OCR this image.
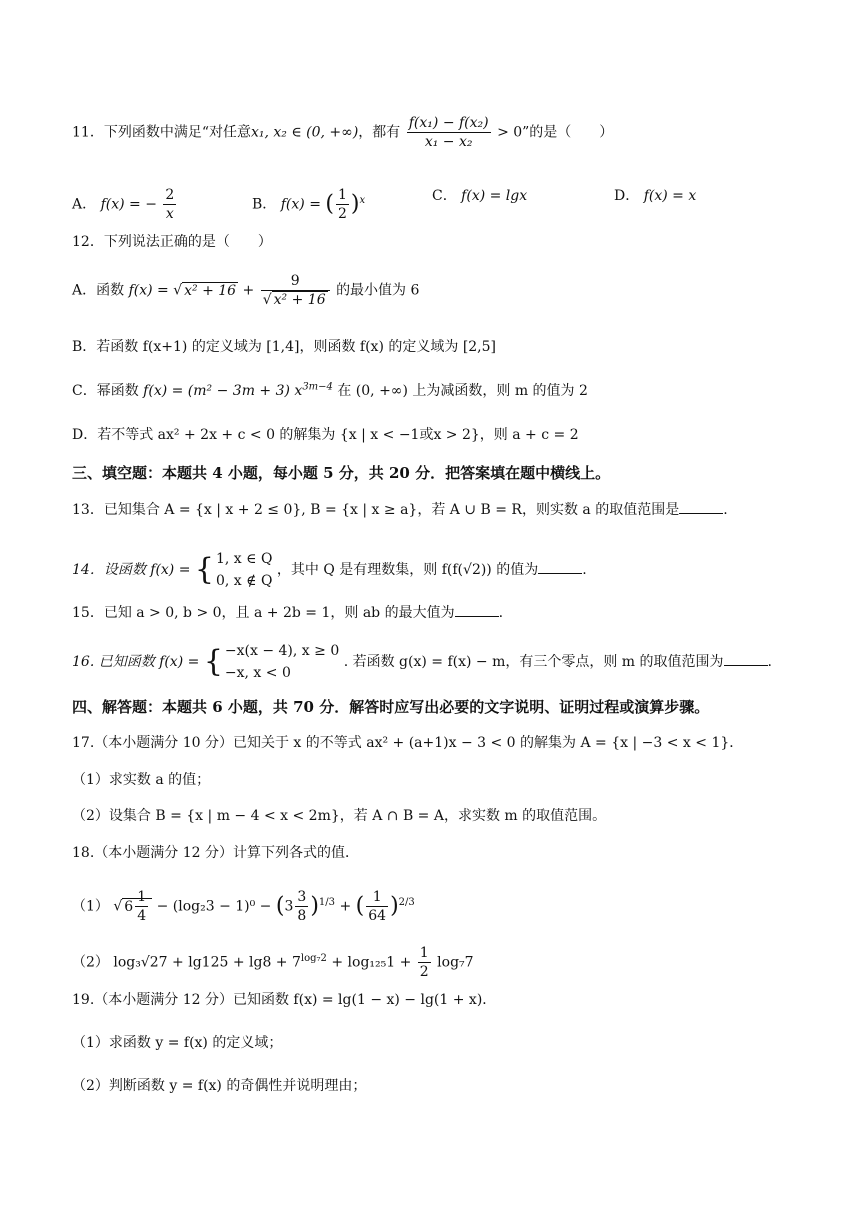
11．下列函数中满足“对任意x₁, x₂ ∈ (0, +∞)，都有 $\frac{\text{f(x₁) − f(x₂)}}{\text{x₁ − x₂}} > 0$”的是（　　）
A． f(x) = − $\frac{2}{x}$	B． f(x) = ( $\frac{1}{2} )^x$	C． f(x) = lgx	D． f(x) = x
12．下列说法正确的是（　　）
A．函数 f(x) = √ $x^2 + 16 + \frac{9}{\text{√ x² + 16}}$ 的最小值为 6
B．若函数 f(x+1) 的定义域为 [1,4]，则函数 f(x) 的定义域为 [2,5]
C．幂函数 f(x) = (m² − 3m + 3) $x^{3m-4}$ 在 (0, +∞) 上为减函数，则 m 的值为 2
D．若不等式 ax² + 2x + c < 0 的解集为 {x | x < −1或x > 2}，则 a + c = 2
三、填空题：本题共 4 小题，每小题 5 分，共 20 分．把答案填在题中横线上。
13．已知集合 A = {x | x + 2 ≤ 0}, B = {x | x ≥ a}，若 A ∪ B = R，则实数 a 的取值范围是	.
14．设函数 f(x) = { 1, x ∈ Q
0, x ∉ Q
，其中 Q 是有理数集，则 f(f(√2)) 的值为	.
15．已知 a > 0, b > 0，且 a + 2b = 1，则 ab 的最大值为	.
16. 已知函数 f(x) = { −x(x − 4), x ≥ 0
−x, x < 0
. 若函数 g(x) = f(x) − m，有三个零点，则 m 的取值范围为	.
四、解答题：本题共 6 小题，共 70 分．解答时应写出必要的文字说明、证明过程或演算步骤。
17.（本小题满分 10 分）已知关于 x 的不等式 ax² + (a+1)x − 3 < 0 的解集为 A = {x | −3 < x < 1}．
（1）求实数 a 的值；
（2）设集合 B = {x | m − 4 < x < 2m}，若 A ∩ B = A，求实数 m 的取值范围。
18.（本小题满分 12 分）计算下列各式的值．
（1） √ $6 \frac{1}{4} - (\log_23 - 1)^0 - (3 \frac{3}{8} )^{1/3}$ + ( $\frac{1}{64} )^{2/3}$
（2） $\log_3√27 + \lg 125 + \lg 8 + 7^{log_72} + \log_{125}1 + \frac{1}{2} \log_77$
19.（本小题满分 12 分）已知函数 f(x) = lg(1 − x) − lg(1 + x)．
（1）求函数 y = f(x) 的定义域；
（2）判断函数 y = f(x) 的奇偶性并说明理由；
